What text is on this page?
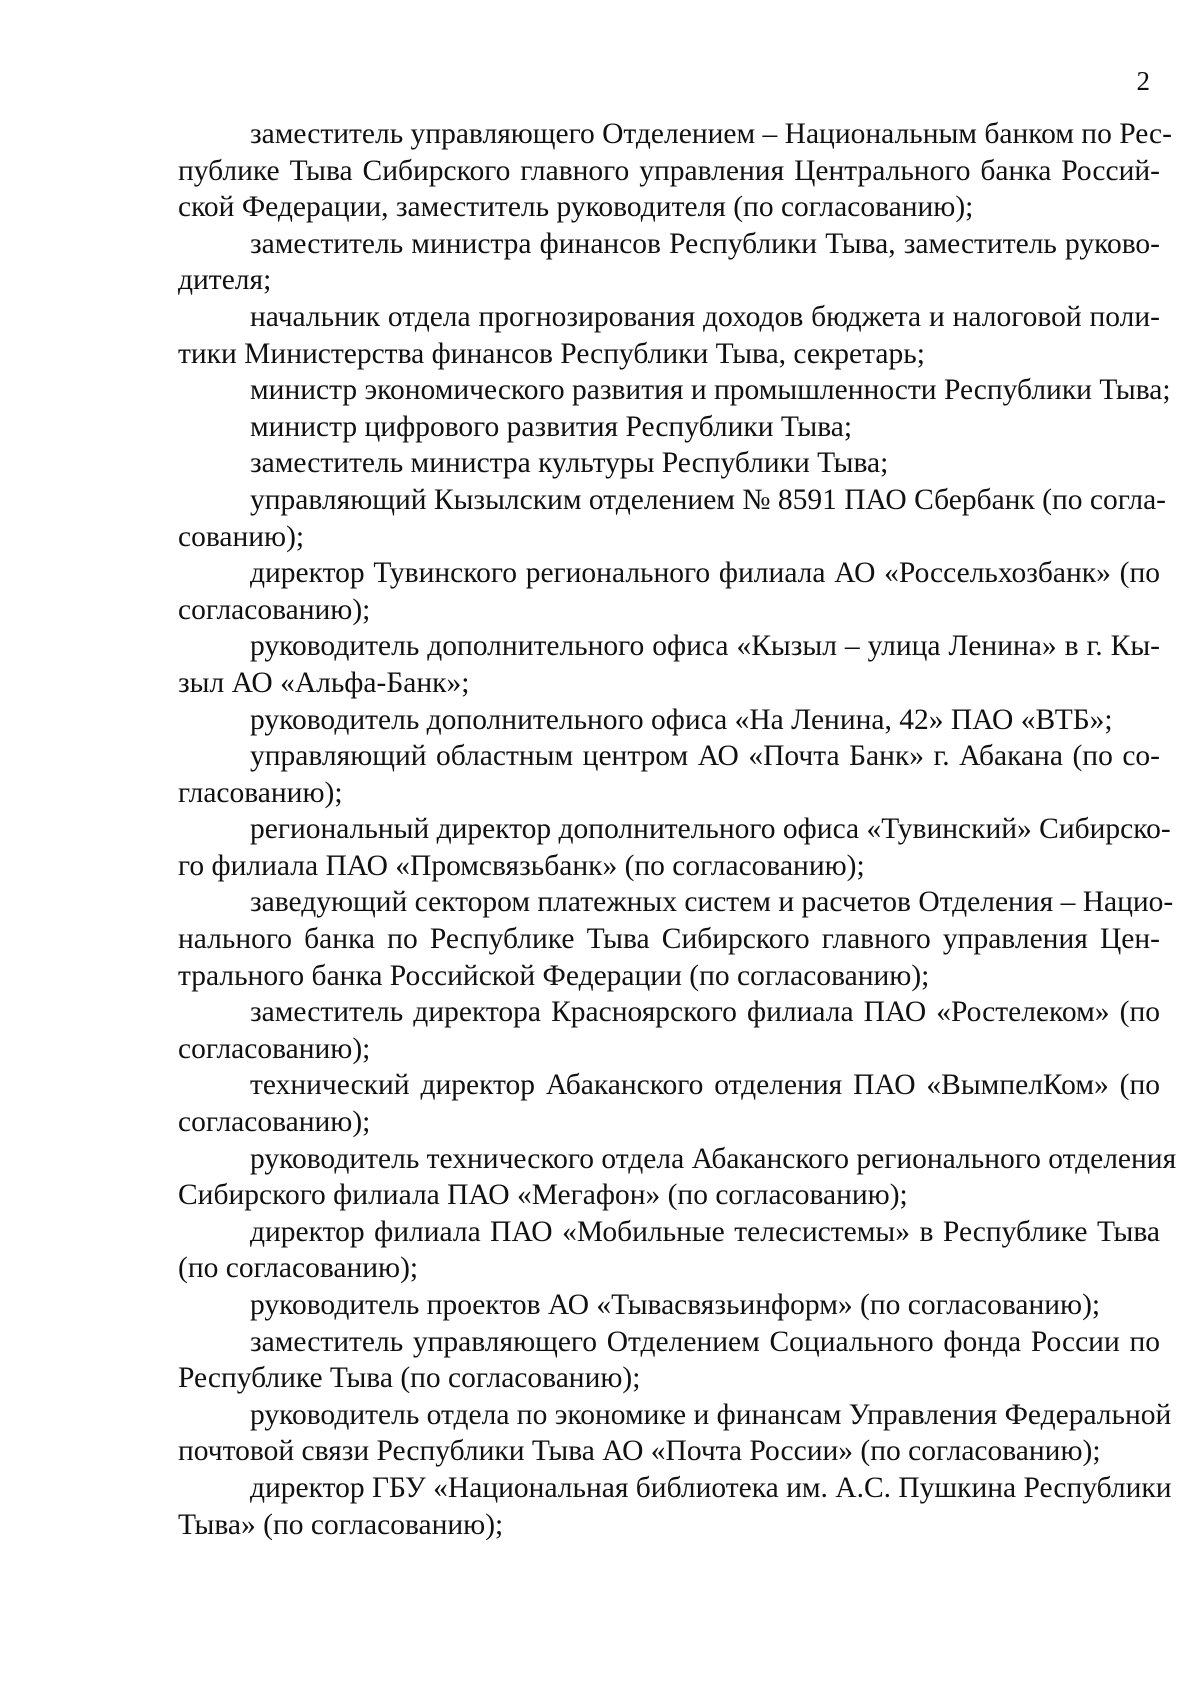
2

заместитель управляющего Отделением – Национальным банком по Рес-
публике Тыва Сибирского главного управления Центрального банка Россий-
ской Федерации, заместитель руководителя (по согласованию);

заместитель министра финансов Республики Тыва, заместитель руково-
дителя;

начальник отдела прогнозирования доходов бюджета и налоговой поли-
тики Министерства финансов Республики Тыва, секретарь;

министр экономического развития и промышленности Республики Тыва;

министр цифрового развития Республики Тыва;

заместитель министра культуры Республики Тыва;

управляющий Кызылским отделением № 8591 ПАО Сбербанк (по согла-
сованию);

директор Тувинского регионального филиала АО «Россельхозбанк» (по
согласованию);

руководитель дополнительного офиса «Кызыл – улица Ленина» в г. Кы-
зыл АО «Альфа-Банк»;

руководитель дополнительного офиса «На Ленина, 42» ПАО «ВТБ»;

управляющий областным центром АО «Почта Банк» г. Абакана (по со-
гласованию);

региональный директор дополнительного офиса «Тувинский» Сибирско-
го филиала ПАО «Промсвязьбанк» (по согласованию);

заведующий сектором платежных систем и расчетов Отделения – Нацио-
нального банка по Республике Тыва Сибирского главного управления Цен-
трального банка Российской Федерации (по согласованию);

заместитель директора Красноярского филиала ПАО «Ростелеком» (по
согласованию);

технический директор Абаканского отделения ПАО «ВымпелКом» (по
согласованию);

руководитель технического отдела Абаканского регионального отделения
Сибирского филиала ПАО «Мегафон» (по согласованию);

директор филиала ПАО «Мобильные телесистемы» в Республике Тыва
(по согласованию);

руководитель проектов АО «Тывасвязьинформ» (по согласованию);

заместитель управляющего Отделением Социального фонда России по
Республике Тыва (по согласованию);

руководитель отдела по экономике и финансам Управления Федеральной
почтовой связи Республики Тыва АО «Почта России» (по согласованию);

директор ГБУ «Национальная библиотека им. А.С. Пушкина Республики
Тыва» (по согласованию);
